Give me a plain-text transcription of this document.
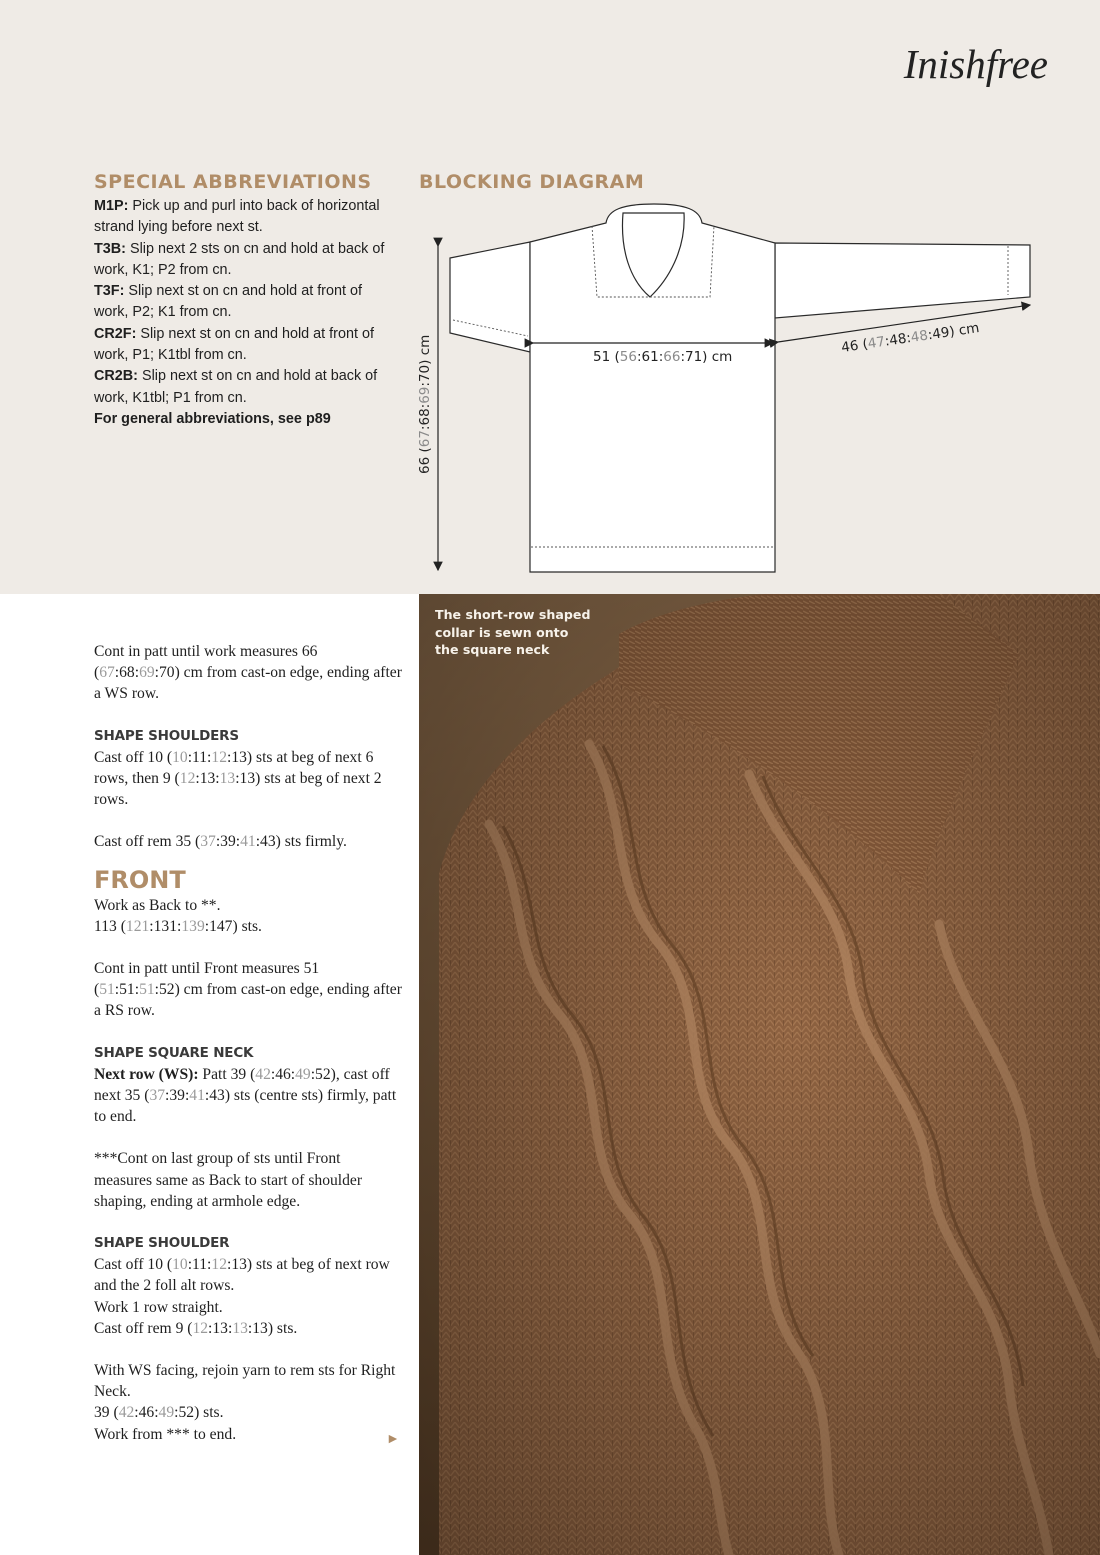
Inishfree
SPECIAL ABBREVIATIONS

M1P: Pick up and purl into back of horizontal strand lying before next st.

T3B: Slip next 2 sts on cn and hold at back of work, K1; P2 from cn.

T3F: Slip next st on cn and hold at front of work, P2; K1 from cn.

CR2F: Slip next st on cn and hold at front of work, P1; K1tbl from cn.

CR2B: Slip next st on cn and hold at back of work, K1tbl; P1 from cn.

For general abbreviations, see p89

BLOCKING DIAGRAM
51 (56:61:66:71) cm
46 (47:48:48:49) cm
66 (67:68:69:70) cm

Cont in patt until work measures 66 (67:68:69:70) cm from cast-on edge, ending after a WS row.

SHAPE SHOULDERS

Cast off 10 (10:11:12:13) sts at beg of next 6 rows, then 9 (12:13:13:13) sts at beg of next 2 rows.

Cast off rem 35 (37:39:41:43) sts firmly.

FRONT

Work as Back to **.
113 (121:131:139:147) sts.

Cont in patt until Front measures 51 (51:51:51:52) cm from cast-on edge, ending after a RS row.

SHAPE SQUARE NECK

Next row (WS): Patt 39 (42:46:49:52), cast off next 35 (37:39:41:43) sts (centre sts) firmly, patt to end.

***Cont on last group of sts until Front measures same as Back to start of shoulder shaping, ending at armhole edge.

SHAPE SHOULDER

Cast off 10 (10:11:12:13) sts at beg of next row and the 2 foll alt rows.
Work 1 row straight.
Cast off rem 9 (12:13:13:13) sts.

With WS facing, rejoin yarn to rem sts for Right Neck.
39 (42:46:49:52) sts.
Work from *** to end.	►
The short-row shaped collar is sewn onto the square neck
